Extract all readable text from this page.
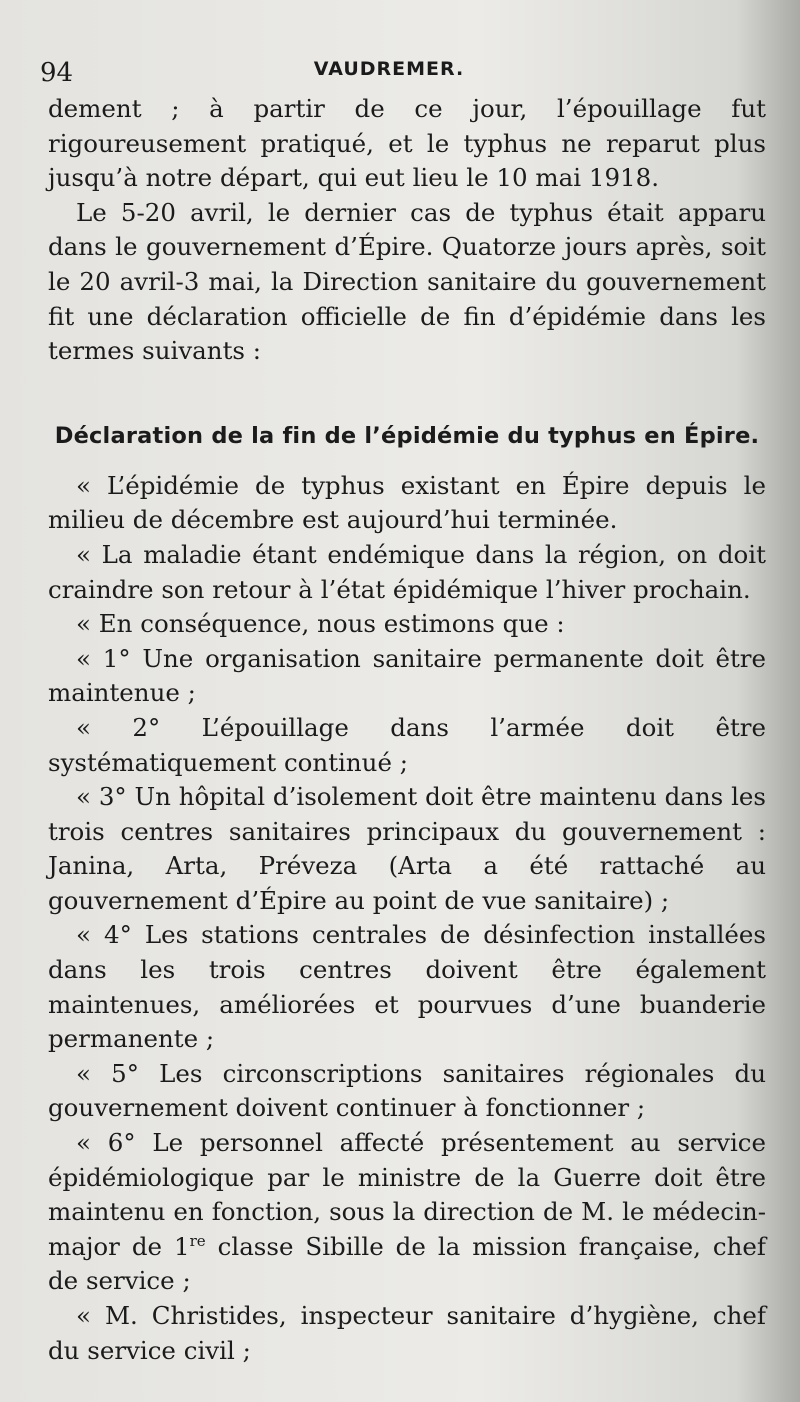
94	VAUDREMER.

dement ; à partir de ce jour, l’épouillage fut rigoureusement pratiqué, et le typhus ne reparut plus jusqu’à notre départ, qui eut lieu le 10 mai 1918.

Le 5-20 avril, le dernier cas de typhus était apparu dans le gouvernement d’Épire. Quatorze jours après, soit le 20 avril-3 mai, la Direction sanitaire du gouvernement fit une déclaration officielle de fin d’épidémie dans les termes suivants :

Déclaration de la fin de l’épidémie du typhus en Épire.

« L’épidémie de typhus existant en Épire depuis le milieu de décembre est aujourd’hui terminée.

« La maladie étant endémique dans la région, on doit craindre son retour à l’état épidémique l’hiver prochain.

« En conséquence, nous estimons que :

« 1° Une organisation sanitaire permanente doit être maintenue ;

« 2° L’épouillage dans l’armée doit être systématiquement continué ;

« 3° Un hôpital d’isolement doit être maintenu dans les trois centres sanitaires principaux du gouvernement : Janina, Arta, Préveza (Arta a été rattaché au gouvernement d’Épire au point de vue sanitaire) ;

« 4° Les stations centrales de désinfection installées dans les trois centres doivent être également maintenues, améliorées et pourvues d’une buanderie permanente ;

« 5° Les circonscriptions sanitaires régionales du gouvernement doivent continuer à fonctionner ;

« 6° Le personnel affecté présentement au service épidémiologique par le ministre de la Guerre doit être maintenu en fonction, sous la direction de M. le médecin-major de 1re classe Sibille de la mission française, chef de service ;

« M. Christides, inspecteur sanitaire d’hygiène, chef du service civil ;
